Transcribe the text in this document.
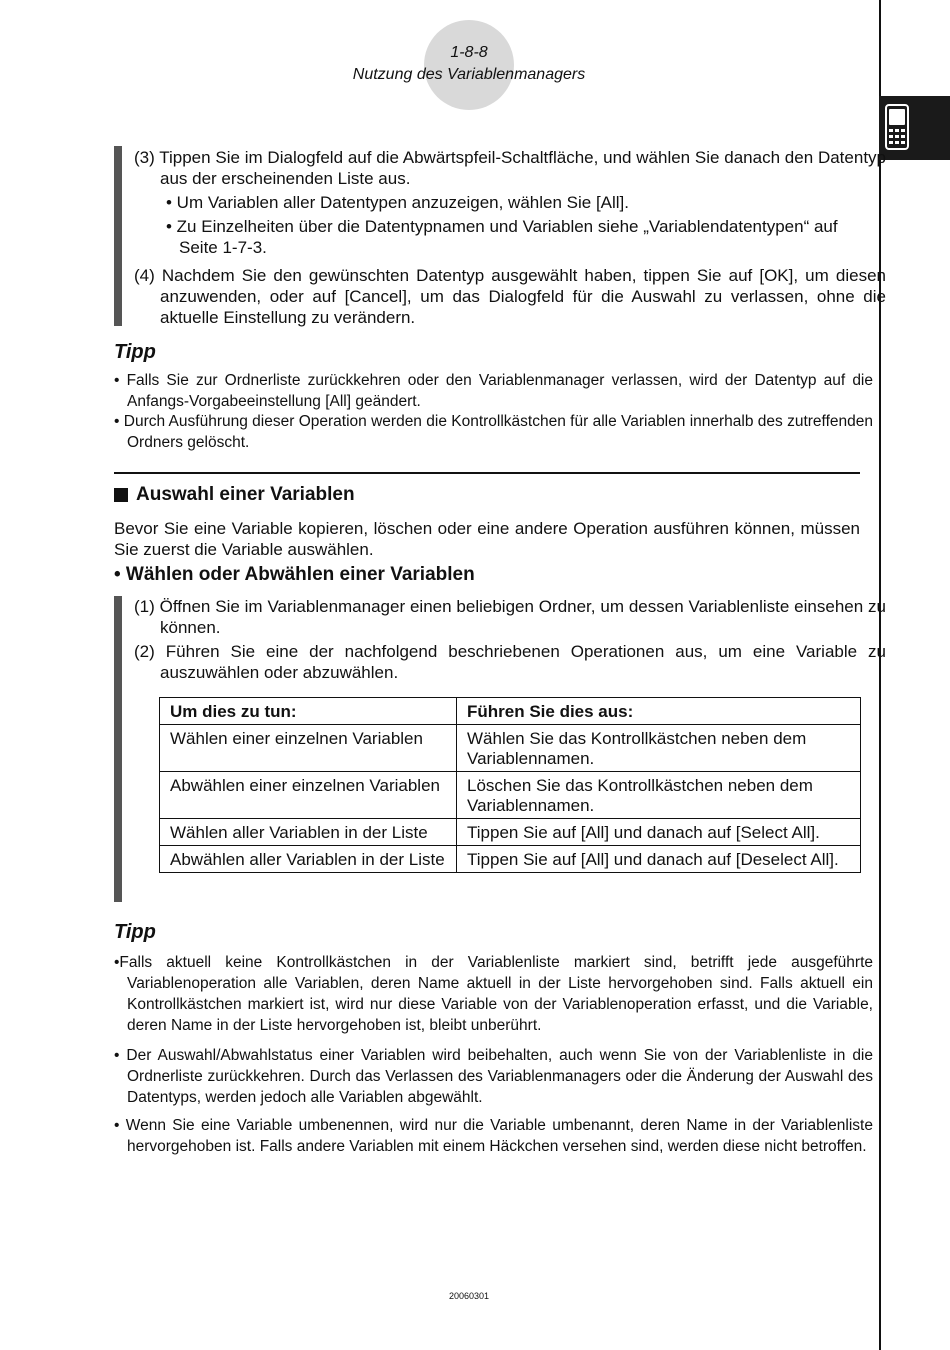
1-8-8
Nutzung des Variablenmanagers
(3) Tippen Sie im Dialogfeld auf die Abwärtspfeil-Schaltfläche, und wählen Sie danach den Datentyp aus der erscheinenden Liste aus.
• Um Variablen aller Datentypen anzuzeigen, wählen Sie [All].
• Zu Einzelheiten über die Datentypnamen und Variablen siehe „Variablendatentypen“ auf Seite 1-7-3.
(4) Nachdem Sie den gewünschten Datentyp ausgewählt haben, tippen Sie auf [OK], um diesen anzuwenden, oder auf [Cancel], um das Dialogfeld für die Auswahl zu verlassen, ohne die aktuelle Einstellung zu verändern.
Tipp
• Falls Sie zur Ordnerliste zurückkehren oder den Variablenmanager verlassen, wird der Datentyp auf die Anfangs-Vorgabeeinstellung [All] geändert.
• Durch Ausführung dieser Operation werden die Kontrollkästchen für alle Variablen innerhalb des zutreffenden Ordners gelöscht.
Auswahl einer Variablen
Bevor Sie eine Variable kopieren, löschen oder eine andere Operation ausführen können, müssen Sie zuerst die Variable auswählen.
• Wählen oder Abwählen einer Variablen
(1) Öffnen Sie im Variablenmanager einen beliebigen Ordner, um dessen Variablenliste einsehen zu können.
(2) Führen Sie eine der nachfolgend beschriebenen Operationen aus, um eine Variable zu auszuwählen oder abzuwählen.
Um dies zu tun:	Führen Sie dies aus:
Wählen einer einzelnen Variablen	Wählen Sie das Kontrollkästchen neben dem Variablennamen.
Abwählen einer einzelnen Variablen	Löschen Sie das Kontrollkästchen neben dem Variablennamen.
Wählen aller Variablen in der Liste	Tippen Sie auf [All] und danach auf [Select All].
Abwählen aller Variablen in der Liste	Tippen Sie auf [All] und danach auf [Deselect All].
Tipp
•Falls aktuell keine Kontrollkästchen in der Variablenliste markiert sind, betrifft jede ausgeführte Variablenoperation alle Variablen, deren Name aktuell in der Liste hervorgehoben sind. Falls aktuell ein Kontrollkästchen markiert ist, wird nur diese Variable von der Variablenoperation erfasst, und die Variable, deren Name in der Liste hervorgehoben ist, bleibt unberührt.
• Der Auswahl/Abwahlstatus einer Variablen wird beibehalten, auch wenn Sie von der Variablenliste in die Ordnerliste zurückkehren. Durch das Verlassen des Variablenmanagers oder die Änderung der Auswahl des Datentyps, werden jedoch alle Variablen abgewählt.
• Wenn Sie eine Variable umbenennen, wird nur die Variable umbenannt, deren Name in der Variablenliste hervorgehoben ist. Falls andere Variablen mit einem Häckchen versehen sind, werden diese nicht betroffen.
20060301
